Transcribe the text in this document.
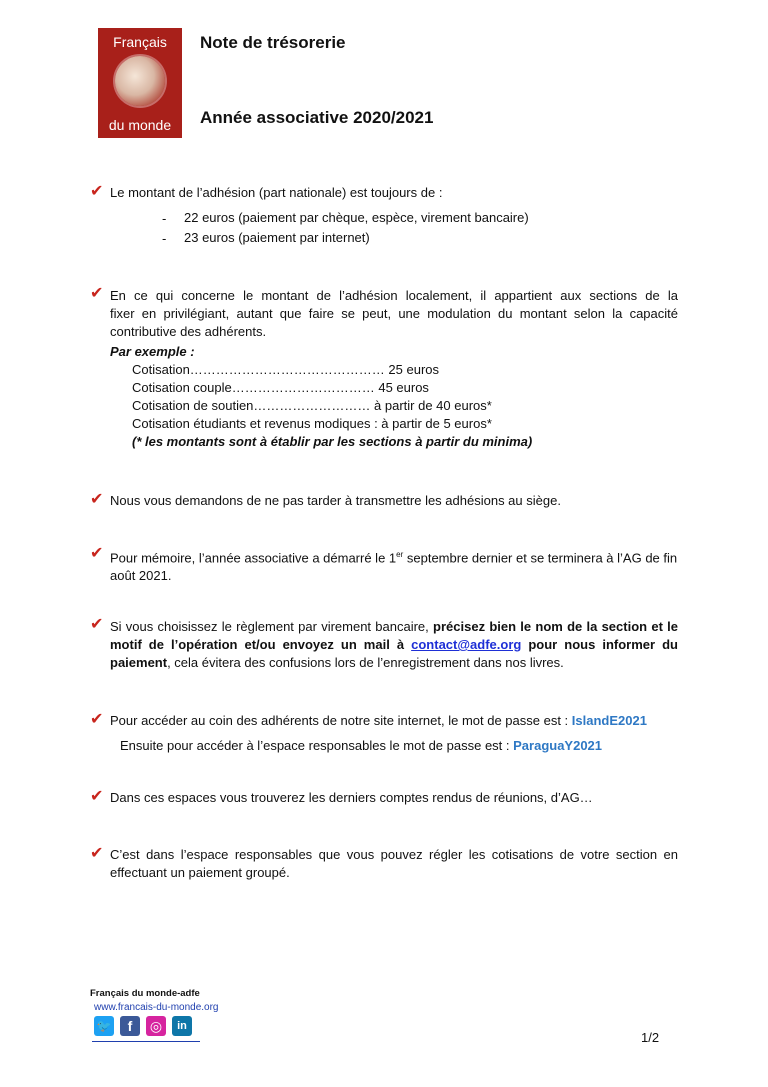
Français
du monde
Note de trésorerie
Année associative 2020/2021
✔ Le montant de l’adhésion (part nationale) est toujours de :
- 22 euros (paiement par chèque, espèce, virement bancaire)
- 23 euros (paiement par internet)
✔ En ce qui concerne le montant de l’adhésion localement, il appartient aux sections de la
fixer en privilégiant, autant que faire se peut, une modulation du montant selon la capacité
contributive des adhérents.
Par exemple :
Cotisation……………………………………… 25 euros
Cotisation couple…………………………… 45 euros
Cotisation de soutien……………………… à partir de 40 euros*
Cotisation étudiants et revenus modiques : à partir de 5 euros*
(* les montants sont à établir par les sections à partir du minima)
✔ Nous vous demandons de ne pas tarder à transmettre les adhésions au siège.
✔ Pour mémoire, l’année associative a démarré le 1er septembre dernier et se terminera à l’AG de fin
août 2021.
✔ Si vous choisissez le règlement par virement bancaire, précisez bien le nom de la section et le motif de l’opération et/ou envoyez un mail à contact@adfe.org pour nous informer du paiement, cela évitera des confusions lors de l’enregistrement dans nos livres.
✔ Pour accéder au coin des adhérents de notre site internet, le mot de passe est : IslandE2021
Ensuite pour accéder à l’espace responsables le mot de passe est : ParaguaY2021
✔ Dans ces espaces vous trouverez les derniers comptes rendus de réunions, d’AG…
✔ C’est dans l’espace responsables que vous pouvez régler les cotisations de votre section en
effectuant un paiement groupé.
Français du monde-adfe
www.francais-du-monde.org
🐦	f	◎	in
1/2
